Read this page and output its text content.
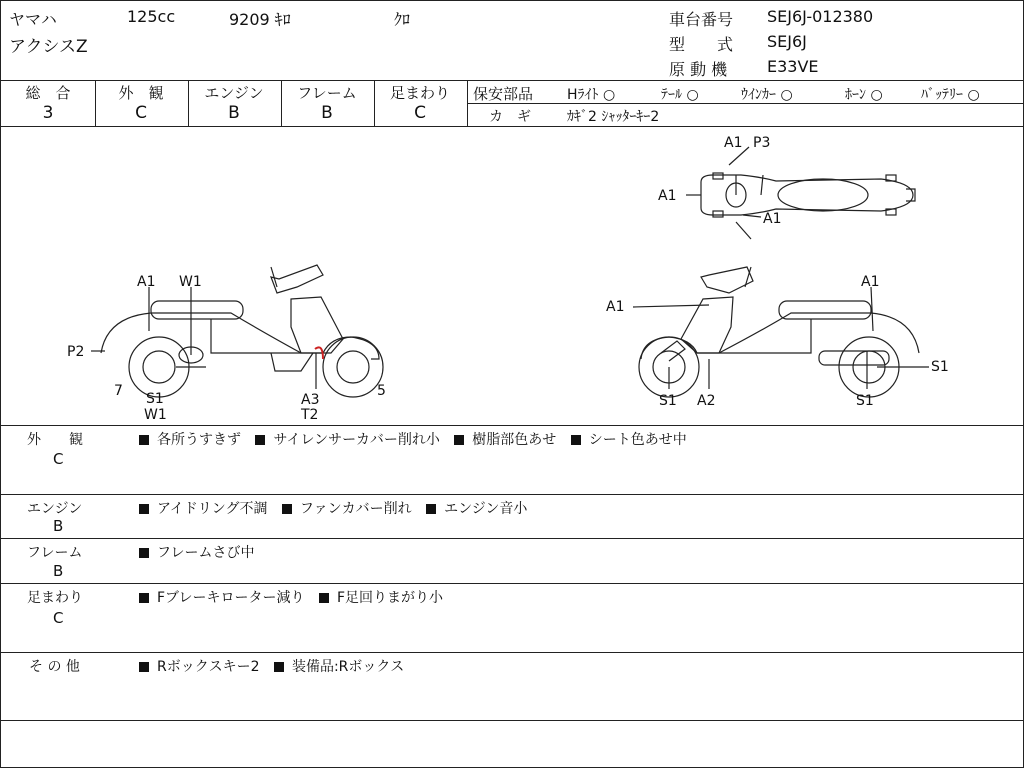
ヤマハ	125cc	9209 ｷﾛ	ｸﾛ
アクシスZ
車台番号 SEJ6J-012380
型　　式 SEJ6J
原 動 機 E33VE
総　合
3
外　観
C
エンジン
B
フレーム
B
足まわり
C
保安部品 Hﾗｲﾄ ○	ﾃｰﾙ ○	ｳｲﾝｶｰ ○	ﾎｰﾝ ○	ﾊﾞｯﾃﾘｰ ○
カ　ギ	ｶｷﾞ2 ｼｬｯﾀｰｷｰ2
A1 P3
A1
A1
A1 W1
P2
7 S1
W1
A3
T2
5
A1
A1
S1 A2	S1
S1
外　　観
C
各所うすきず サイレンサーカバー削れ小 樹脂部色あせ シート色あせ中
エンジン
B
アイドリング不調 ファンカバー削れ エンジン音小
フレーム
B
フレームさび中
足まわり
C
Fブレーキローター減り F足回りまがり小
そ の 他	Rボックスキー2 装備品:Rボックス
